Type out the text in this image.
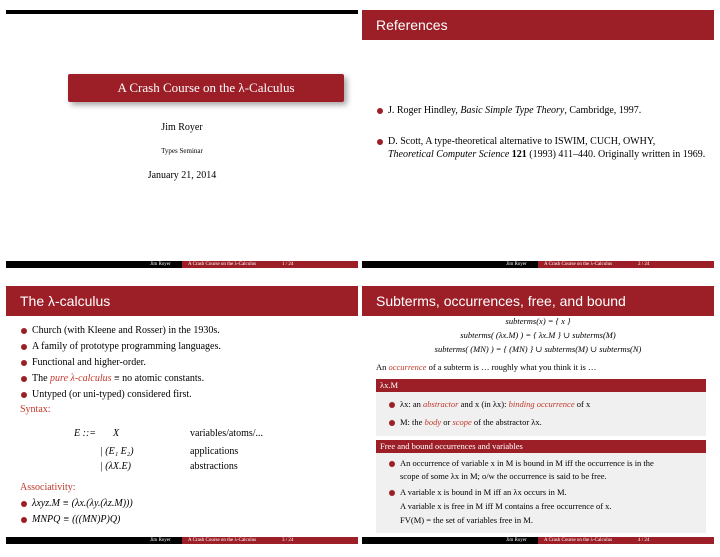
A Crash Course on the λ-Calculus
Jim Royer
Types Seminar
January 21, 2014
Jim Royer	A Crash Course on the λ-Calculus	1 / 24
References
J. Roger Hindley, Basic Simple Type Theory, Cambridge, 1997.
D. Scott, A type-theoretical alternative to ISWIM, CUCH, OWHY,
Theoretical Computer Science 121 (1993) 411–440. Originally written in 1969.
Jim Royer	A Crash Course on the λ-Calculus	2 / 24
The λ-calculus
Church (with Kleene and Rosser) in the 1930s.
A family of prototype programming languages.
Functional and higher-order.
The pure λ-calculus ≡ no atomic constants.
Untyped (or uni-typed) considered first.
Syntax:
E ::= X	variables/atoms/...
| (E₁ E₂)	applications
| (λX.E)	abstractions
Associativity:
λxyz.M ≡ (λx.(λy.(λz.M)))
MNPQ ≡ (((MN)P)Q)
Jim Royer	A Crash Course on the λ-Calculus	3 / 24
Subterms, occurrences, free, and bound
subterms(x) = { x }
subterms( (λx.M) ) = { λx.M } ∪ subterms(M)
subterms( (MN) ) = { (MN) } ∪ subterms(M) ∪ subterms(N)
An occurrence of a subterm is … roughly what you think it is …
λx.M
λx: an abstractor and x (in λx): binding occurrence of x
M: the body or scope of the abstractor λx.
Free and bound occurrences and variables
An occurrence of variable x in M is bound in M iff the occurrence is in the
scope of some λx in M; o/w the occurrence is said to be free.
A variable x is bound in M iff an λx occurs in M.
A variable x is free in M iff M contains a free occurrence of x.
FV(M) = the set of variables free in M.
Jim Royer	A Crash Course on the λ-Calculus	4 / 24
